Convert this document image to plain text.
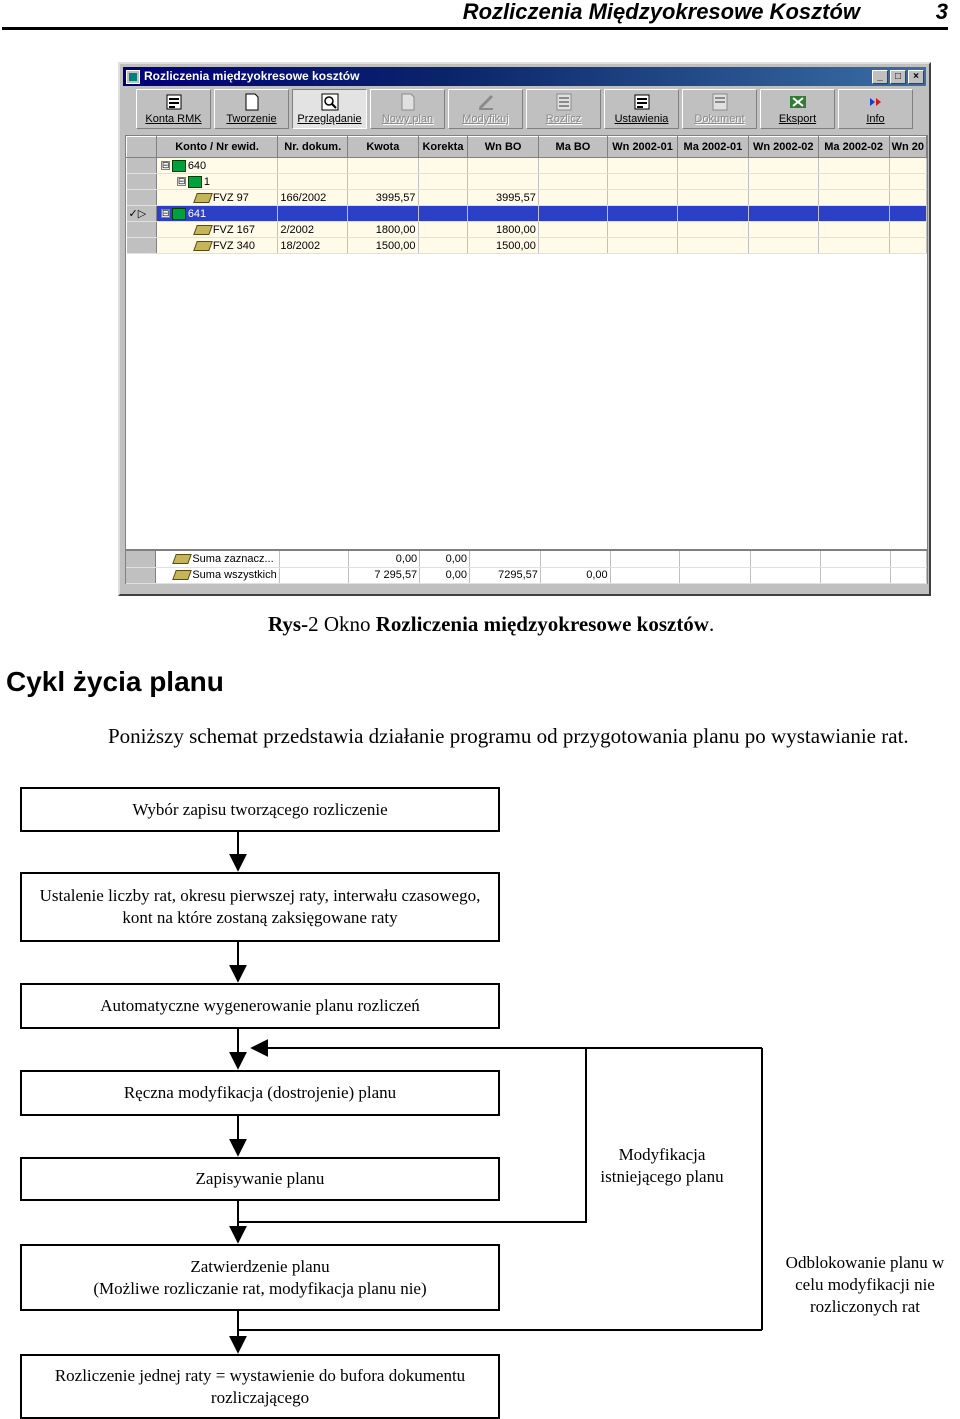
Rozliczenia Międzyokresowe Kosztów	3
Rozliczenia międzyokresowe kosztów	_	□	×
Konta RMK Tworzenie Przeglądanie Nowy plan	Modyfikuj	Rozlicz	Ustawienia Dokument	Eksport	Info
	Konto / Nr ewid.	Nr. dokum.	Kwota	Korekta	Wn BO	Ma BO	Wn 2002-01	Ma 2002-01	Wn 2002-02	Ma 2002-02	Wn 20

	⊟ 640										

	⊟ 1										

	FVZ 97	166/2002	3995,57		3995,57						
✓▷	⊟ 641										

	FVZ 167	2/2002	1800,00		1800,00						

	FVZ 340	18/2002	1500,00		1500,00						

	Suma zaznacz...		0,00	0,00							

	Suma wszystkich		7 295,57	0,00	7295,57	0,00					
Rys-2 Okno Rozliczenia międzyokresowe kosztów.
Cykl życia planu
Poniższy schemat przedstawia działanie programu od przygotowania planu po wystawianie rat.
Wybór zapisu tworzącego rozliczenie
Ustalenie liczby rat, okresu pierwszej raty, interwału czasowego, kont na które zostaną zaksięgowane raty
Automatyczne wygenerowanie planu rozliczeń
Ręczna modyfikacja (dostrojenie) planu
Zapisywanie planu
Zatwierdzenie planu
(Możliwe rozliczanie rat, modyfikacja planu nie)
Rozliczenie jednej raty = wystawienie do bufora dokumentu rozliczającego
Modyfikacja istniejącego planu
Odblokowanie planu w celu modyfikacji nie rozliczonych rat
